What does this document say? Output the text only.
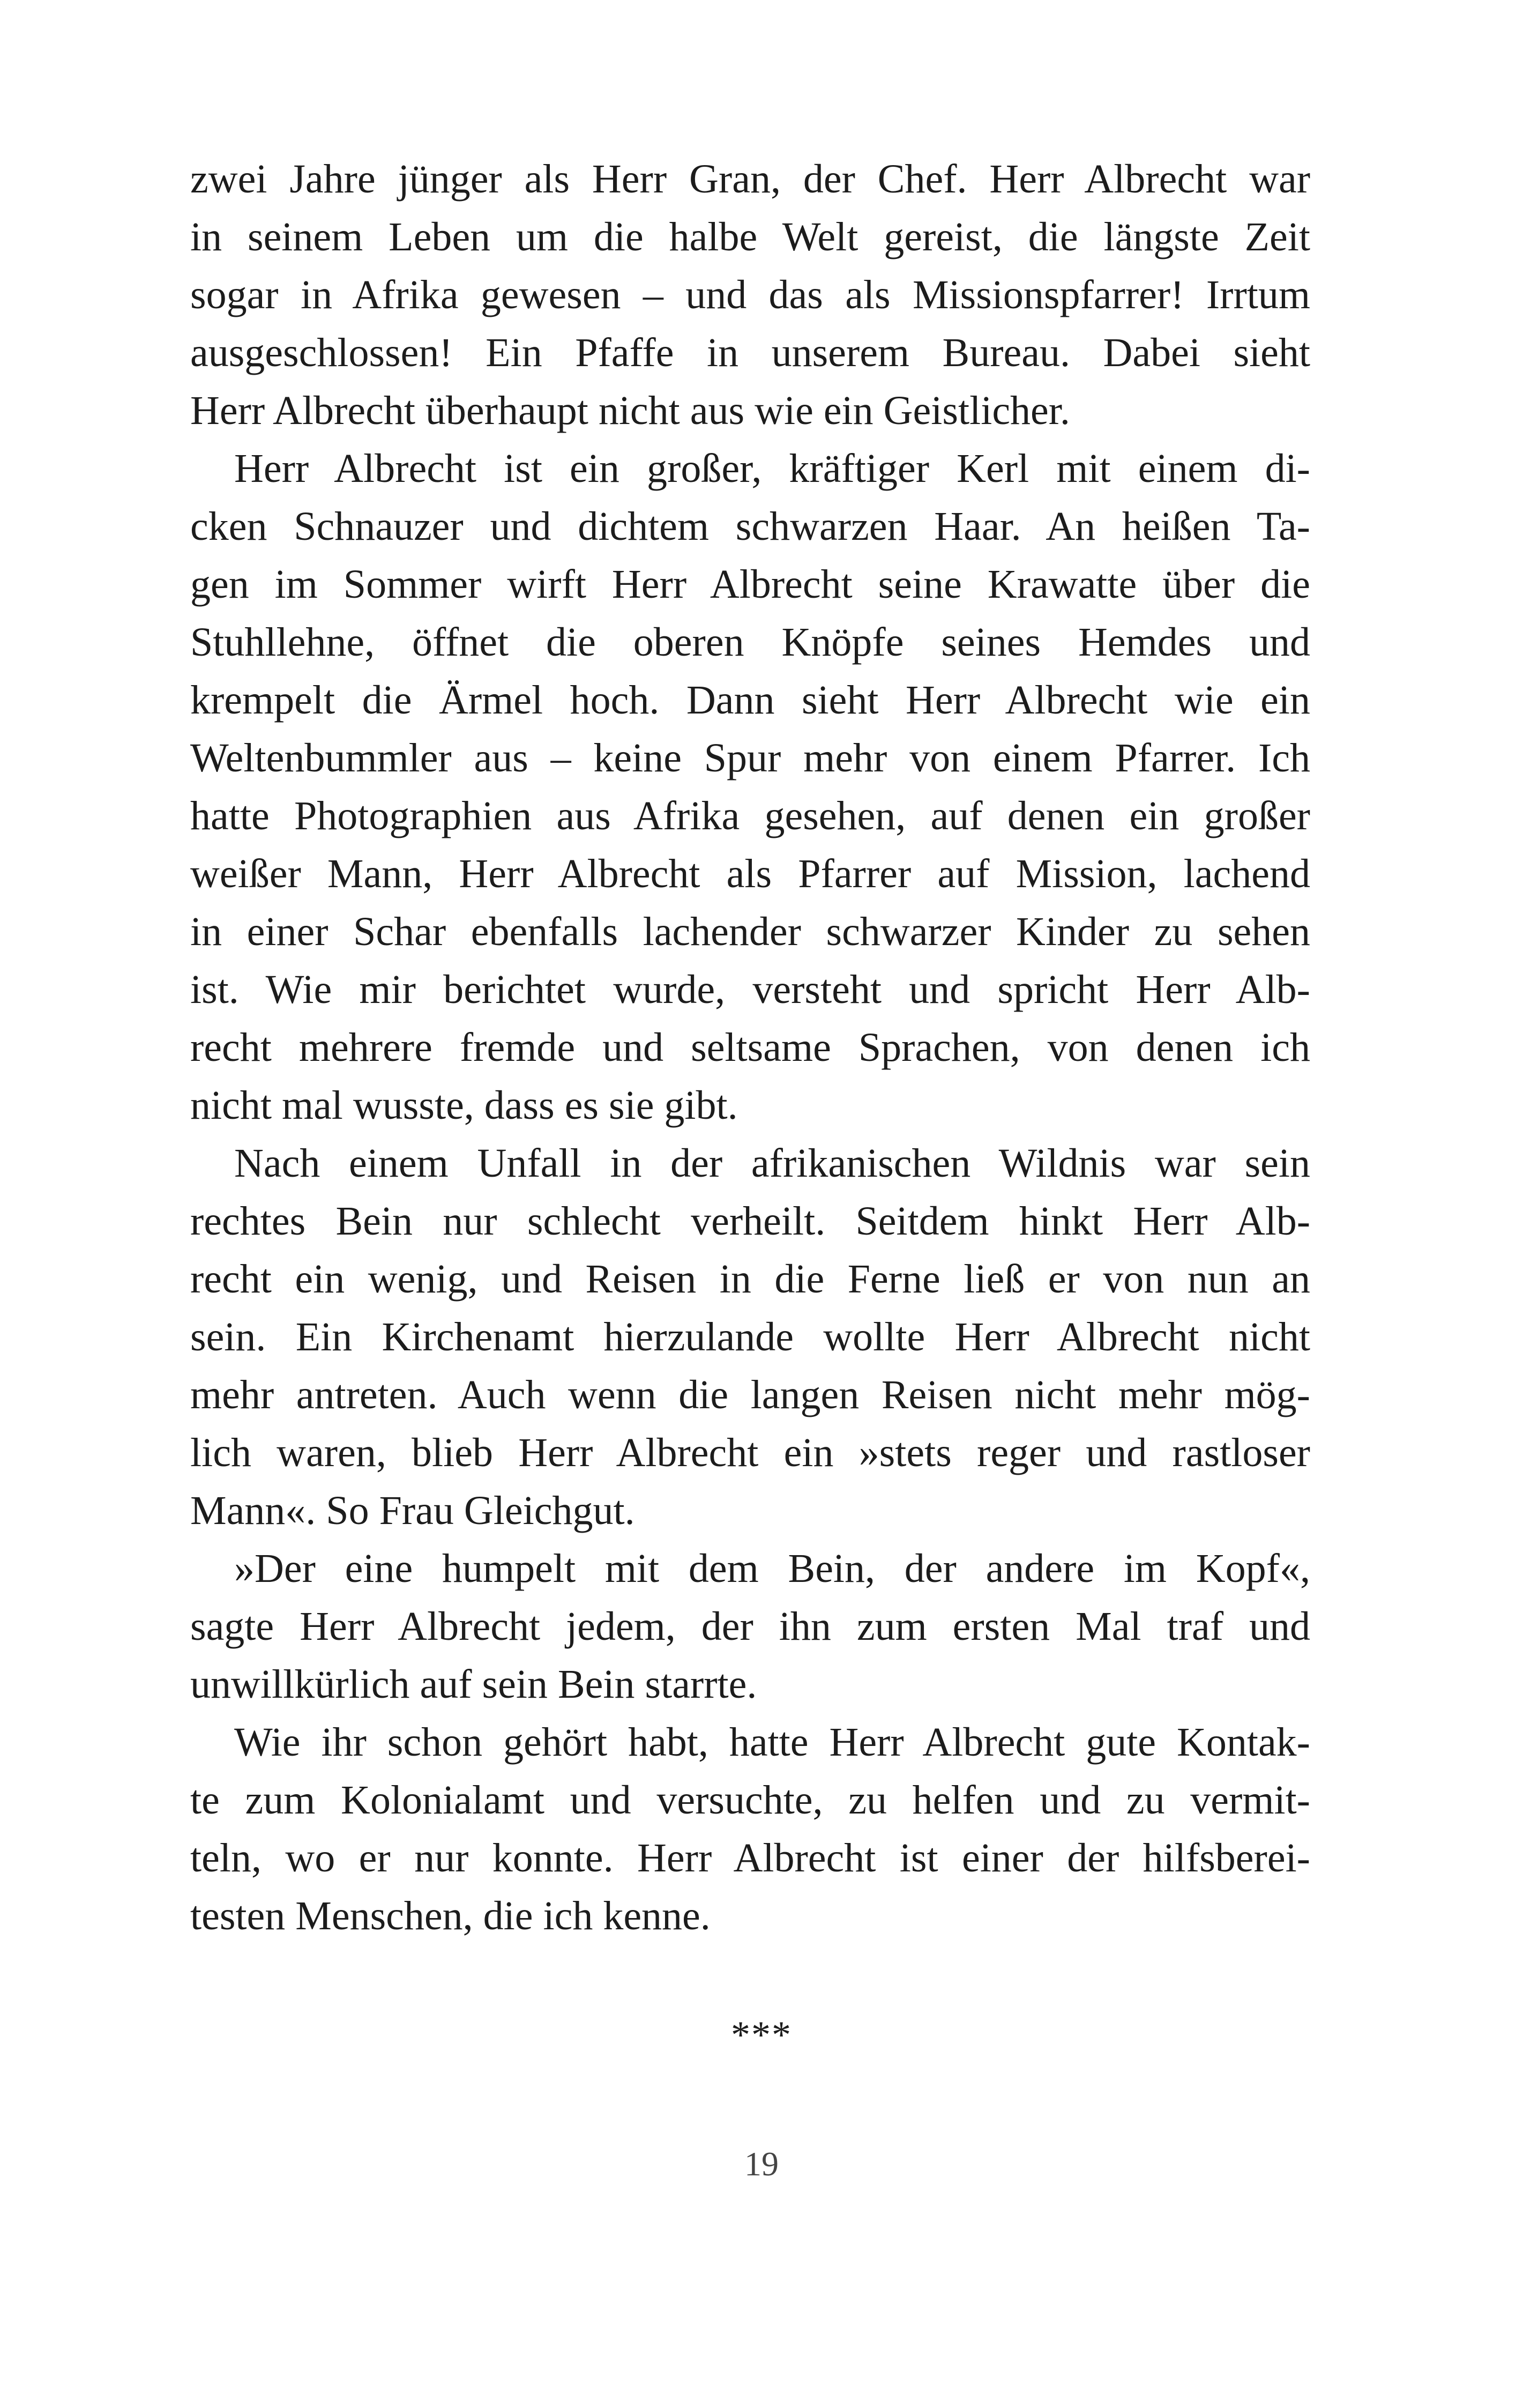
zwei Jahre jünger als Herr Gran, der Chef. Herr Albrecht war
in seinem Leben um die halbe Welt gereist, die längste Zeit
sogar in Afrika gewesen – und das als Missionspfarrer! Irrtum
ausgeschlossen! Ein Pfaffe in unserem Bureau. Dabei sieht
Herr Albrecht überhaupt nicht aus wie ein Geistlicher.
Herr Albrecht ist ein großer, kräftiger Kerl mit einem di-
cken Schnauzer und dichtem schwarzen Haar. An heißen Ta-
gen im Sommer wirft Herr Albrecht seine Krawatte über die
Stuhllehne, öffnet die oberen Knöpfe seines Hemdes und
krempelt die Ärmel hoch. Dann sieht Herr Albrecht wie ein
Weltenbummler aus – keine Spur mehr von einem Pfarrer. Ich
hatte Photographien aus Afrika gesehen, auf denen ein großer
weißer Mann, Herr Albrecht als Pfarrer auf Mission, lachend
in einer Schar ebenfalls lachender schwarzer Kinder zu sehen
ist. Wie mir berichtet wurde, versteht und spricht Herr Alb-
recht mehrere fremde und seltsame Sprachen, von denen ich
nicht mal wusste, dass es sie gibt.
Nach einem Unfall in der afrikanischen Wildnis war sein
rechtes Bein nur schlecht verheilt. Seitdem hinkt Herr Alb-
recht ein wenig, und Reisen in die Ferne ließ er von nun an
sein. Ein Kirchenamt hierzulande wollte Herr Albrecht nicht
mehr antreten. Auch wenn die langen Reisen nicht mehr mög-
lich waren, blieb Herr Albrecht ein »stets reger und rastloser
Mann«. So Frau Gleichgut.
»Der eine humpelt mit dem Bein, der andere im Kopf«,
sagte Herr Albrecht jedem, der ihn zum ersten Mal traf und
unwillkürlich auf sein Bein starrte.
Wie ihr schon gehört habt, hatte Herr Albrecht gute Kontak-
te zum Kolonialamt und versuchte, zu helfen und zu vermit-
teln, wo er nur konnte. Herr Albrecht ist einer der hilfsberei-
testen Menschen, die ich kenne.
***
19
